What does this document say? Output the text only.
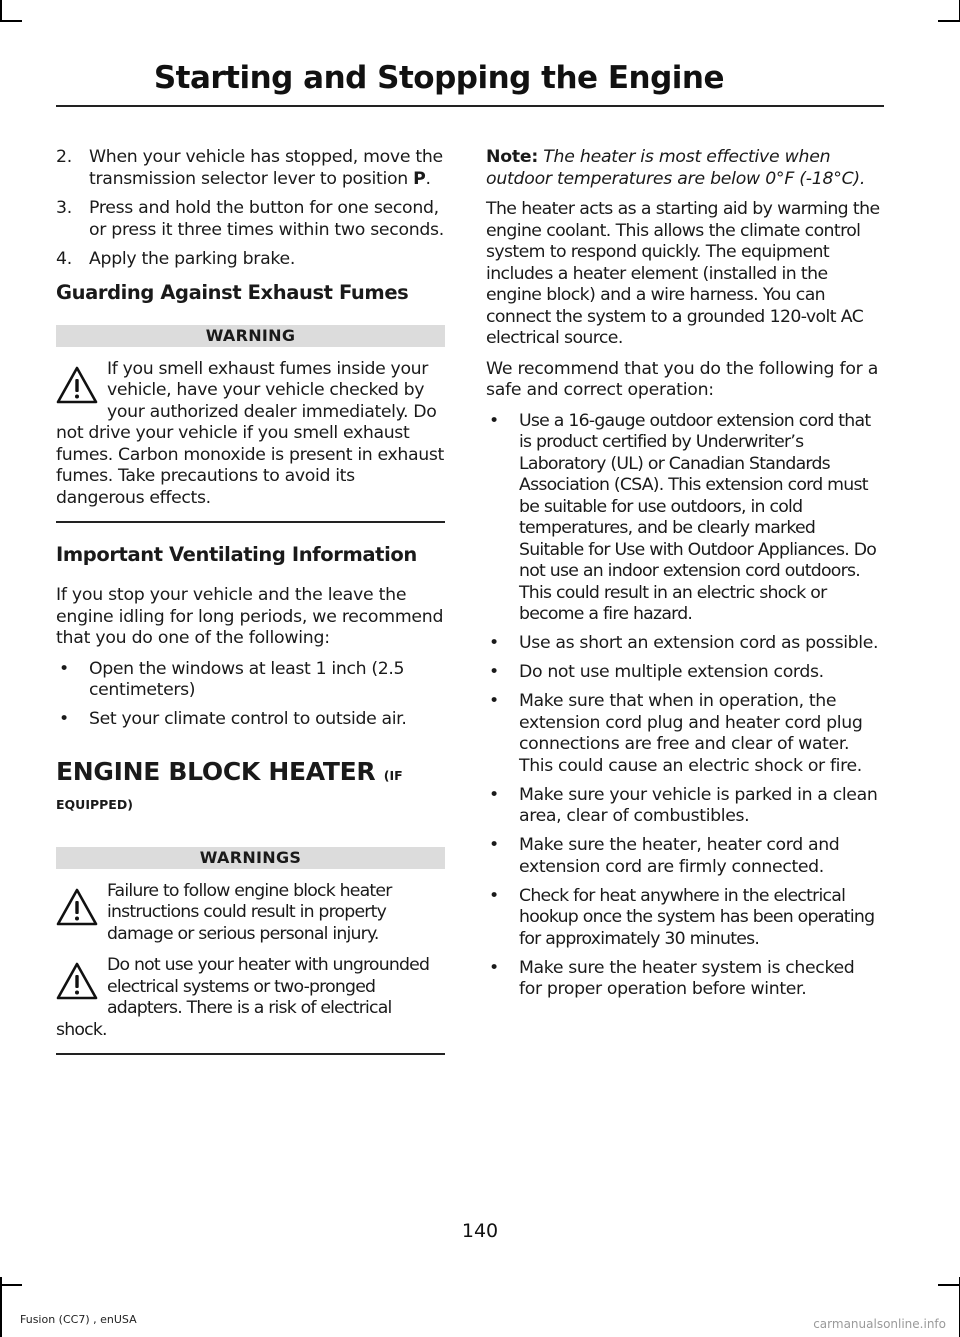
Starting and Stopping the Engine
2. When your vehicle has stopped, move the transmission selector lever to position P.
3. Press and hold the button for one second, or press it three times within two seconds.
4. Apply the parking brake.
Guarding Against Exhaust Fumes
WARNING

If you smell exhaust fumes inside your vehicle, have your vehicle checked by your authorized dealer immediately. Do not drive your vehicle if you smell exhaust fumes. Carbon monoxide is present in exhaust fumes. Take precautions to avoid its dangerous effects.

Important Ventilating Information

If you stop your vehicle and the leave the engine idling for long periods, we recommend that you do one of the following:

• Open the windows at least 1 inch (2.5 centimeters)
• Set your climate control to outside air.
ENGINE BLOCK HEATER (IF
EQUIPPED)
WARNINGS

Failure to follow engine block heater instructions could result in property damage or serious personal injury.

Do not use your heater with ungrounded electrical systems or two-pronged adapters. There is a risk of electrical shock.

Note: The heater is most effective when outdoor temperatures are below 0°F (-18°C).

The heater acts as a starting aid by warming the engine coolant. This allows the climate control system to respond quickly. The equipment includes a heater element (installed in the engine block) and a wire harness. You can connect the system to a grounded 120-volt AC electrical source.

We recommend that you do the following for a safe and correct operation:

• Use a 16-gauge outdoor extension cord that is product certified by Underwriter’s Laboratory (UL) or Canadian Standards Association (CSA). This extension cord must be suitable for use outdoors, in cold temperatures, and be clearly marked Suitable for Use with Outdoor Appliances. Do not use an indoor extension cord outdoors. This could result in an electric shock or become a fire hazard.
• Use as short an extension cord as possible.
• Do not use multiple extension cords.
• Make sure that when in operation, the extension cord plug and heater cord plug connections are free and clear of water. This could cause an electric shock or fire.
• Make sure your vehicle is parked in a clean area, clear of combustibles.
• Make sure the heater, heater cord and extension cord are firmly connected.
• Check for heat anywhere in the electrical hookup once the system has been operating for approximately 30 minutes.
• Make sure the heater system is checked for proper operation before winter.
140
Fusion (CC7) , enUSA	carmanualsonline.info
